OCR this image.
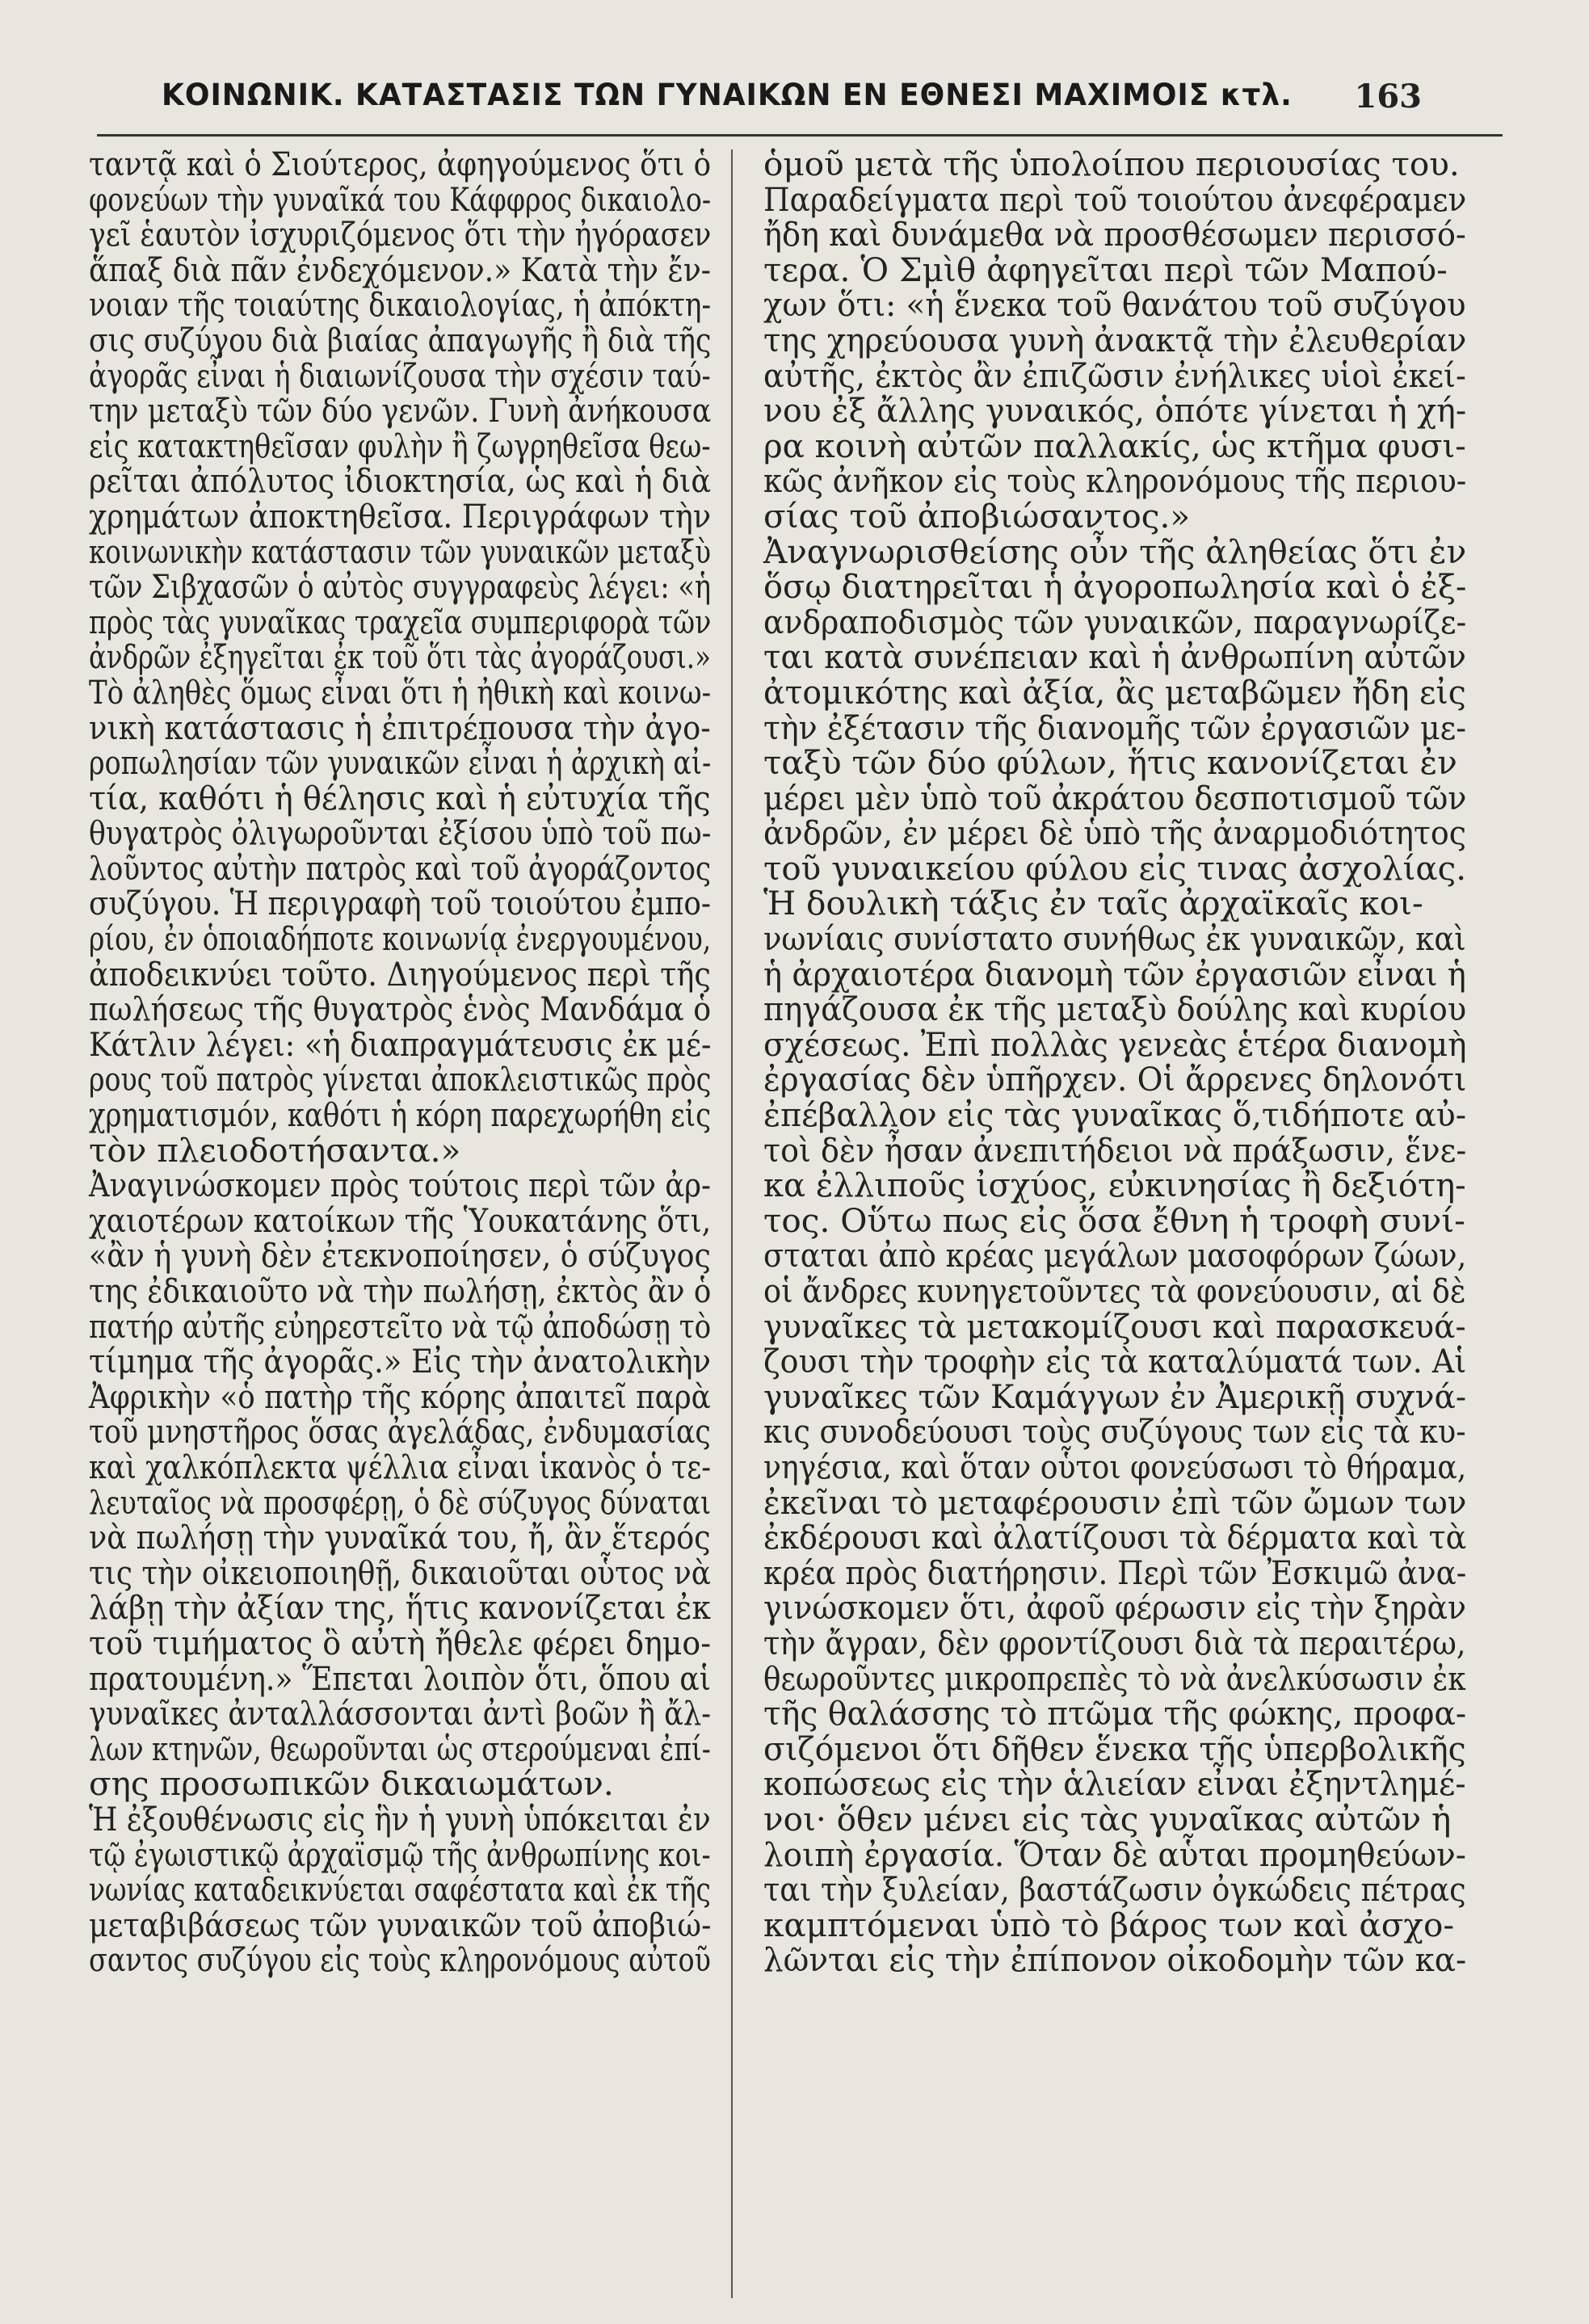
ΚΟΙΝΩΝΙΚ. ΚΑΤΑΣΤΑΣΙΣ ΤΩΝ ΓΥΝΑΙΚΩΝ ΕΝ ΕΘΝΕΣΙ ΜΑΧΙΜΟΙΣ κτλ. 163
ταντᾷ καὶ ὁ Σιούτερος, ἀφηγούμενος ὅτι ὁ
φονεύων τὴν γυναῖκά του Κάφφρος δικαιολο-
γεῖ ἑαυτὸν ἰσχυριζόμενος ὅτι τὴν ἠγόρασεν
ἅπαξ διὰ πᾶν ἐνδεχόμενον.» Κατὰ τὴν ἔν-
νοιαν τῆς τοιαύτης δικαιολογίας, ἡ ἀπόκτη-
σις συζύγου διὰ βιαίας ἀπαγωγῆς ἢ διὰ τῆς
ἀγορᾶς εἶναι ἡ διαιωνίζουσα τὴν σχέσιν ταύ-
την μεταξὺ τῶν δύο γενῶν. Γυνὴ ἀνήκουσα
εἰς κατακτηθεῖσαν φυλὴν ἢ ζωγρηθεῖσα θεω-
ρεῖται ἀπόλυτος ἰδιοκτησία, ὡς καὶ ἡ διὰ
χρημάτων ἀποκτηθεῖσα. Περιγράφων τὴν
κοινωνικὴν κατάστασιν τῶν γυναικῶν μεταξὺ
τῶν Σιβχασῶν ὁ αὐτὸς συγγραφεὺς λέγει: «ἡ
πρὸς τὰς γυναῖκας τραχεῖα συμπεριφορὰ τῶν
ἀνδρῶν ἐξηγεῖται ἐκ τοῦ ὅτι τὰς ἀγοράζουσι.»
Τὸ ἀληθὲς ὅμως εἶναι ὅτι ἡ ἠθικὴ καὶ κοινω-
νικὴ κατάστασις ἡ ἐπιτρέπουσα τὴν ἀγο-
ροπωλησίαν τῶν γυναικῶν εἶναι ἡ ἀρχικὴ αἰ-
τία, καθότι ἡ θέλησις καὶ ἡ εὐτυχία τῆς
θυγατρὸς ὀλιγωροῦνται ἐξίσου ὑπὸ τοῦ πω-
λοῦντος αὐτὴν πατρὸς καὶ τοῦ ἀγοράζοντος
συζύγου. Ἡ περιγραφὴ τοῦ τοιούτου ἐμπο-
ρίου, ἐν ὁποιαδήποτε κοινωνίᾳ ἐνεργουμένου,
ἀποδεικνύει τοῦτο. Διηγούμενος περὶ τῆς
πωλήσεως τῆς θυγατρὸς ἑνὸς Μανδάμα ὁ
Κάτλιν λέγει: «ἡ διαπραγμάτευσις ἐκ μέ-
ρους τοῦ πατρὸς γίνεται ἀποκλειστικῶς πρὸς
χρηματισμόν, καθότι ἡ κόρη παρεχωρήθη εἰς
τὸν πλειοδοτήσαντα.»
Ἀναγινώσκομεν πρὸς τούτοις περὶ τῶν ἀρ-
χαιοτέρων κατοίκων τῆς Ὑουκατάνης ὅτι,
«ἂν ἡ γυνὴ δὲν ἐτεκνοποίησεν, ὁ σύζυγος
της ἐδικαιοῦτο νὰ τὴν πωλήσῃ, ἐκτὸς ἂν ὁ
πατήρ αὐτῆς εὐηρεστεῖτο νὰ τῷ ἀποδώσῃ τὸ
τίμημα τῆς ἀγορᾶς.» Εἰς τὴν ἀνατολικὴν
Ἀφρικὴν «ὁ πατὴρ τῆς κόρης ἀπαιτεῖ παρὰ
τοῦ μνηστῆρος ὅσας ἀγελάδας, ἐνδυμασίας
καὶ χαλκόπλεκτα ψέλλια εἶναι ἱκανὸς ὁ τε-
λευταῖος νὰ προσφέρῃ, ὁ δὲ σύζυγος δύναται
νὰ πωλήσῃ τὴν γυναῖκά του, ἤ, ἂν ἕτερός
τις τὴν οἰκειοποιηθῇ, δικαιοῦται οὗτος νὰ
λάβῃ τὴν ἀξίαν της, ἥτις κανονίζεται ἐκ
τοῦ τιμήματος ὃ αὐτὴ ἤθελε φέρει δημο-
πρατουμένη.» Ἕπεται λοιπὸν ὅτι, ὅπου αἱ
γυναῖκες ἀνταλλάσσονται ἀντὶ βοῶν ἢ ἄλ-
λων κτηνῶν, θεωροῦνται ὡς στερούμεναι ἐπί-
σης προσωπικῶν δικαιωμάτων.
Ἡ ἐξουθένωσις εἰς ἣν ἡ γυνὴ ὑπόκειται ἐν
τῷ ἐγωιστικῷ ἀρχαϊσμῷ τῆς ἀνθρωπίνης κοι-
νωνίας καταδεικνύεται σαφέστατα καὶ ἐκ τῆς
μεταβιβάσεως τῶν γυναικῶν τοῦ ἀποβιώ-
σαντος συζύγου εἰς τοὺς κληρονόμους αὐτοῦ
ὁμοῦ μετὰ τῆς ὑπολοίπου περιουσίας του.
Παραδείγματα περὶ τοῦ τοιούτου ἀνεφέραμεν
ἤδη καὶ δυνάμεθα νὰ προσθέσωμεν περισσό-
τερα. Ὁ Σμὶθ ἀφηγεῖται περὶ τῶν Μαπού-
χων ὅτι: «ἡ ἕνεκα τοῦ θανάτου τοῦ συζύγου
της χηρεύουσα γυνὴ ἀνακτᾷ τὴν ἐλευθερίαν
αὐτῆς, ἐκτὸς ἂν ἐπιζῶσιν ἐνήλικες υἱοὶ ἐκεί-
νου ἐξ ἄλλης γυναικός, ὁπότε γίνεται ἡ χή-
ρα κοινὴ αὐτῶν παλλακίς, ὡς κτῆμα φυσι-
κῶς ἀνῆκον εἰς τοὺς κληρονόμους τῆς περιου-
σίας τοῦ ἀποβιώσαντος.»
Ἀναγνωρισθείσης οὖν τῆς ἀληθείας ὅτι ἐν
ὅσῳ διατηρεῖται ἡ ἀγοροπωλησία καὶ ὁ ἐξ-
ανδραποδισμὸς τῶν γυναικῶν, παραγνωρίζε-
ται κατὰ συνέπειαν καὶ ἡ ἀνθρωπίνη αὐτῶν
ἀτομικότης καὶ ἀξία, ἂς μεταβῶμεν ἤδη εἰς
τὴν ἐξέτασιν τῆς διανομῆς τῶν ἐργασιῶν με-
ταξὺ τῶν δύο φύλων, ἥτις κανονίζεται ἐν
μέρει μὲν ὑπὸ τοῦ ἀκράτου δεσποτισμοῦ τῶν
ἀνδρῶν, ἐν μέρει δὲ ὑπὸ τῆς ἀναρμοδιότητος
τοῦ γυναικείου φύλου εἰς τινας ἀσχολίας.
Ἡ δουλικὴ τάξις ἐν ταῖς ἀρχαϊκαῖς κοι-
νωνίαις συνίστατο συνήθως ἐκ γυναικῶν, καὶ
ἡ ἀρχαιοτέρα διανομὴ τῶν ἐργασιῶν εἶναι ἡ
πηγάζουσα ἐκ τῆς μεταξὺ δούλης καὶ κυρίου
σχέσεως. Ἐπὶ πολλὰς γενεὰς ἑτέρα διανομὴ
ἐργασίας δὲν ὑπῆρχεν. Οἱ ἄρρενες δηλονότι
ἐπέβαλλον εἰς τὰς γυναῖκας ὅ,τιδήποτε αὐ-
τοὶ δὲν ἦσαν ἀνεπιτήδειοι νὰ πράξωσιν, ἕνε-
κα ἐλλιποῦς ἰσχύος, εὐκινησίας ἢ δεξιότη-
τος. Οὕτω πως εἰς ὅσα ἔθνη ἡ τροφὴ συνί-
σταται ἀπὸ κρέας μεγάλων μασοφόρων ζώων,
οἱ ἄνδρες κυνηγετοῦντες τὰ φονεύουσιν, αἱ δὲ
γυναῖκες τὰ μετακομίζουσι καὶ παρασκευά-
ζουσι τὴν τροφὴν εἰς τὰ καταλύματά των. Αἱ
γυναῖκες τῶν Καμάγγων ἐν Ἀμερικῇ συχνά-
κις συνοδεύουσι τοὺς συζύγους των εἰς τὰ κυ-
νηγέσια, καὶ ὅταν οὗτοι φονεύσωσι τὸ θήραμα,
ἐκεῖναι τὸ μεταφέρουσιν ἐπὶ τῶν ὤμων των
ἐκδέρουσι καὶ ἀλατίζουσι τὰ δέρματα καὶ τὰ
κρέα πρὸς διατήρησιν. Περὶ τῶν Ἐσκιμῶ ἀνα-
γινώσκομεν ὅτι, ἀφοῦ φέρωσιν εἰς τὴν ξηρὰν
τὴν ἄγραν, δὲν φροντίζουσι διὰ τὰ περαιτέρω,
θεωροῦντες μικροπρεπὲς τὸ νὰ ἀνελκύσωσιν ἐκ
τῆς θαλάσσης τὸ πτῶμα τῆς φώκης, προφα-
σιζόμενοι ὅτι δῆθεν ἕνεκα τῆς ὑπερβολικῆς
κοπώσεως εἰς τὴν ἁλιείαν εἶναι ἐξηντλημέ-
νοι· ὅθεν μένει εἰς τὰς γυναῖκας αὐτῶν ἡ
λοιπὴ ἐργασία. Ὅταν δὲ αὗται προμηθεύων-
ται τὴν ξυλείαν, βαστάζωσιν ὀγκώδεις πέτρας
καμπτόμεναι ὑπὸ τὸ βάρος των καὶ ἀσχο-
λῶνται εἰς τὴν ἐπίπονον οἰκοδομὴν τῶν κα-
